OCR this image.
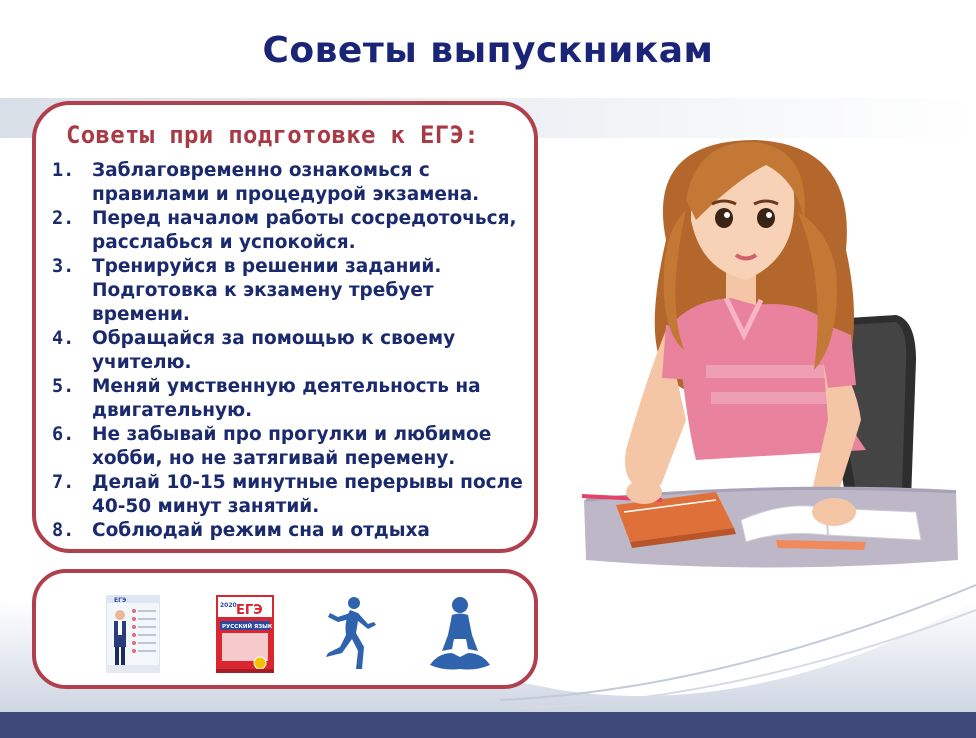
Советы выпускникам
Советы при подготовке к ЕГЭ:
1. Заблаговременно ознакомься с правилами и процедурой экзамена.
2. Перед началом работы сосредоточься, расслабься и успокойся.
3. Тренируйся в решении заданий. Подготовка к экзамену требует времени.
4. Обращайся за помощью к своему учителю.
5. Меняй умственную деятельность на двигательную.
6. Не забывай про прогулки и любимое хобби, но не затягивай перемену.
7. Делай 10-15 минутные перерывы после 40-50 минут занятий.
8. Соблюдай режим сна и отдыха
ЕГЭ
2020 ЕГЭ
РУССКИЙ ЯЗЫК
